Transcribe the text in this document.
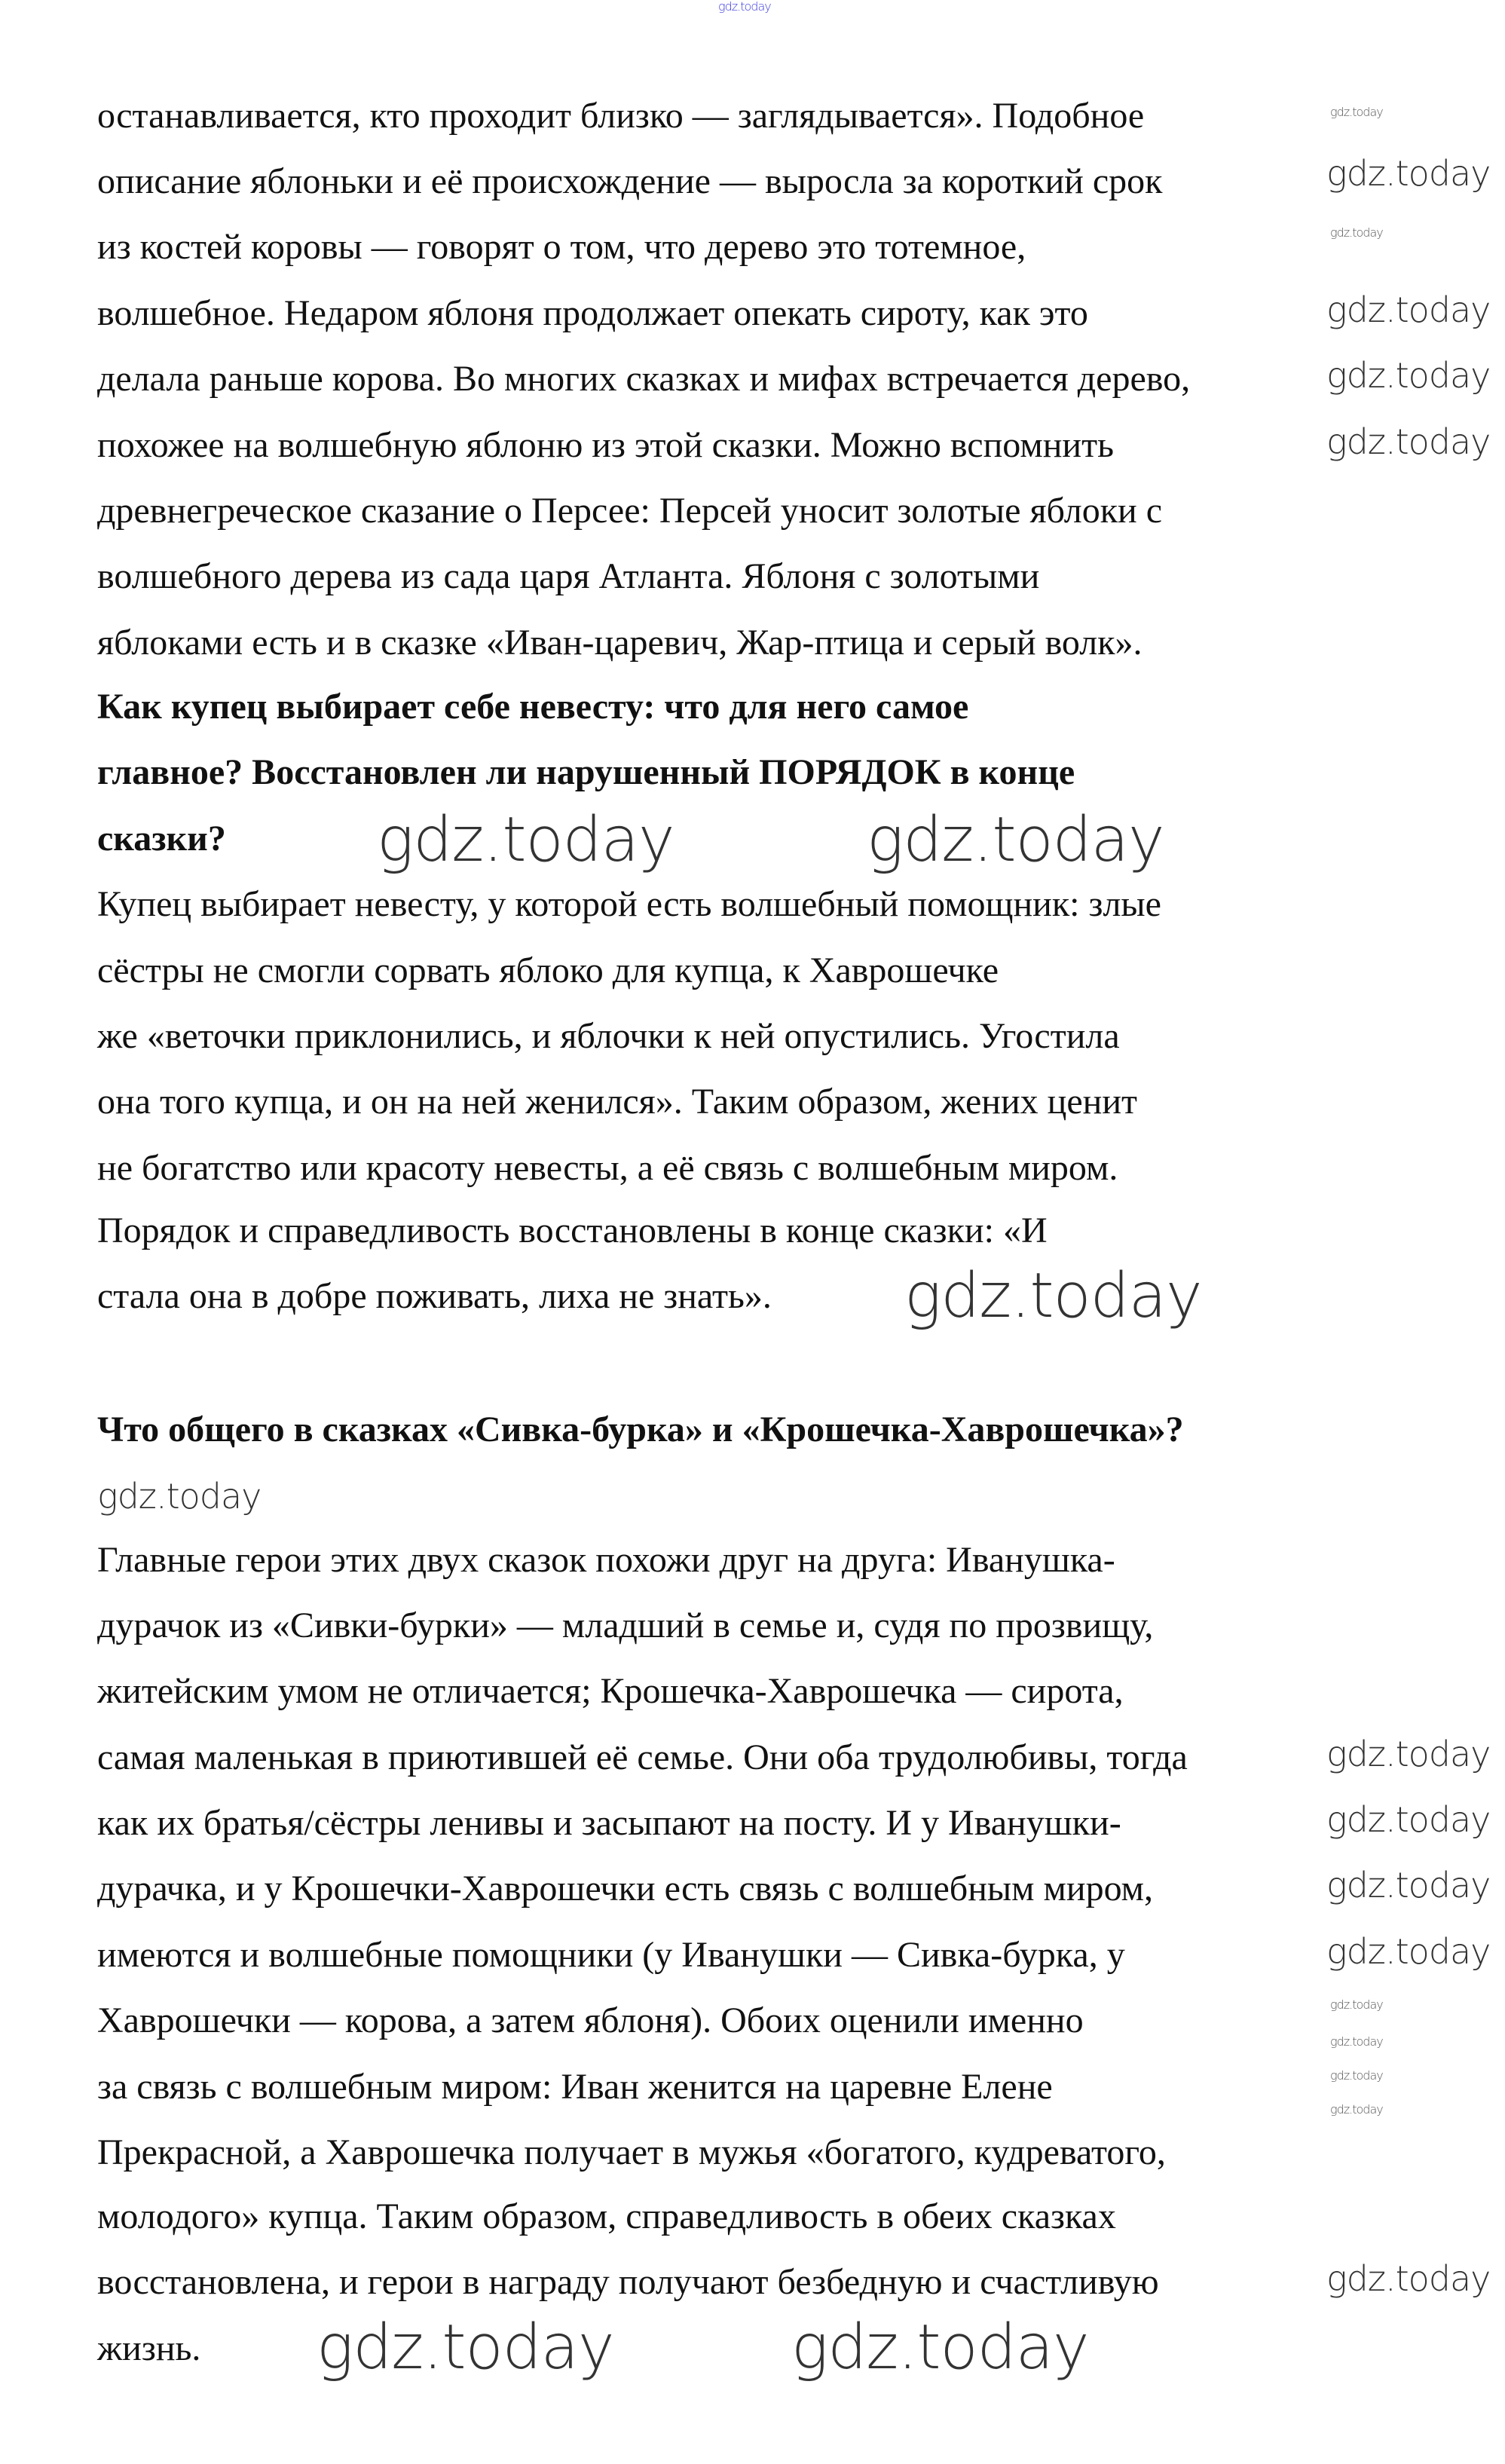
останавливается, кто проходит близко — заглядывается». Подобное
описание яблоньки и её происхождение — выросла за короткий срок
из костей коровы — говорят о том, что дерево это тотемное,
волшебное. Недаром яблоня продолжает опекать сироту, как это
делала раньше корова. Во многих сказках и мифах встречается дерево,
похожее на волшебную яблоню из этой сказки. Можно вспомнить
древнегреческое сказание о Персее: Персей уносит золотые яблоки с
волшебного дерева из сада царя Атланта. Яблоня с золотыми
яблоками есть и в сказке «Иван-царевич, Жар-птица и серый волк».
Как купец выбирает себе невесту: что для него самое
главное? Восстановлен ли нарушенный ПОРЯДОК в конце
сказки?
Купец выбирает невесту, у которой есть волшебный помощник: злые
сёстры не смогли сорвать яблоко для купца, к Хаврошечке
же «веточки приклонились, и яблочки к ней опустились. Угостила
она того купца, и он на ней женился». Таким образом, жених ценит
не богатство или красоту невесты, а её связь с волшебным миром.
Порядок и справедливость восстановлены в конце сказки: «И
стала она в добре поживать, лиха не знать».
Что общего в сказках «Сивка-бурка» и «Крошечка-Хаврошечка»?
Главные герои этих двух сказок похожи друг на друга: Иванушка-
дурачок из «Сивки-бурки» — младший в семье и, судя по прозвищу,
житейским умом не отличается; Крошечка-Хаврошечка — сирота,
самая маленькая в приютившей её семье. Они оба трудолюбивы, тогда
как их братья/сёстры ленивы и засыпают на посту. И у Иванушки-
дурачка, и у Крошечки-Хаврошечки есть связь с волшебным миром,
имеются и волшебные помощники (у Иванушки — Сивка-бурка, у
Хаврошечки — корова, а затем яблоня). Обоих оценили именно
за связь с волшебным миром: Иван женится на царевне Елене
Прекрасной, а Хаврошечка получает в мужья «богатого, кудреватого,
молодого» купца. Таким образом, справедливость в обеих сказках
восстановлена, и герои в награду получают безбедную и счастливую
жизнь.
gdz.today
gdz.today
gdz.today
gdz.today
gdz.today
gdz.today
gdz.today
gdz.today	gdz.today
gdz.today
gdz.today
gdz.today
gdz.today
gdz.today
gdz.today
gdz.today
gdz.today
gdz.today
gdz.today
gdz.today
gdz.today	gdz.today
